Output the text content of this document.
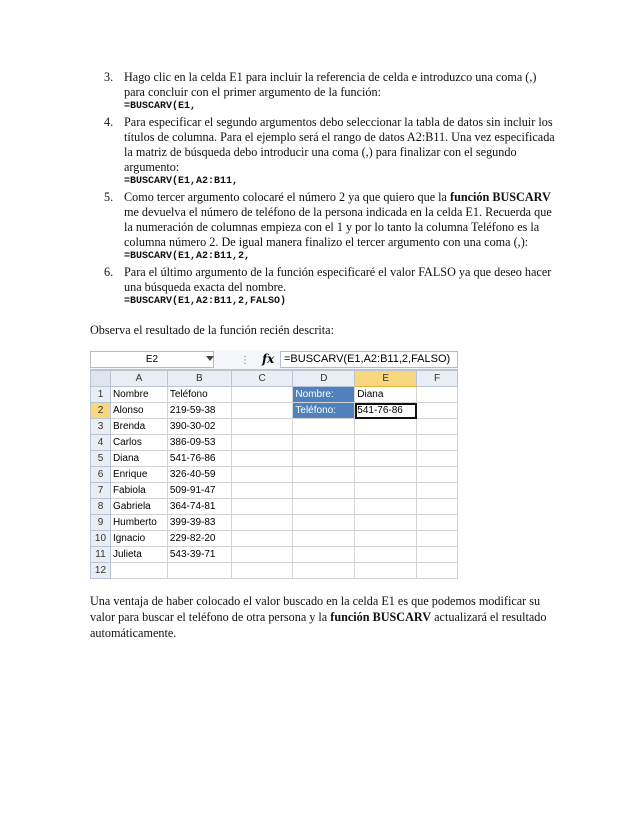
3. Hago clic en la celda E1 para incluir la referencia de celda e introduzco una coma (,) para concluir con el primer argumento de la función:
=BUSCARV(E1,
4. Para especificar el segundo argumentos debo seleccionar la tabla de datos sin incluir los títulos de columna. Para el ejemplo será el rango de datos A2:B11. Una vez especificada la matriz de búsqueda debo introducir una coma (,) para finalizar con el segundo argumento:
=BUSCARV(E1,A2:B11,
5. Como tercer argumento colocaré el número 2 ya que quiero que la función BUSCARV me devuelva el número de teléfono de la persona indicada en la celda E1. Recuerda que la numeración de columnas empieza con el 1 y por lo tanto la columna Teléfono es la columna número 2. De igual manera finalizo el tercer argumento con una coma (,):
=BUSCARV(E1,A2:B11,2,
6. Para el último argumento de la función especificaré el valor FALSO ya que deseo hacer una búsqueda exacta del nombre.
=BUSCARV(E1,A2:B11,2,FALSO)

Observa el resultado de la función recién descrita:

E2	⋮ fx =BUSCARV(E1,A2:B11,2,FALSO)
	A	B	C	D	E	F
1	Nombre	Teléfono		Nombre:	Diana	
2	Alonso	219-59-38		Teléfono:	541-76-86	
3	Brenda	390-30-02				
4	Carlos	386-09-53				
5	Diana	541-76-86				
6	Enrique	326-40-59				
7	Fabiola	509-91-47				
8	Gabriela	364-74-81				
9	Humberto	399-39-83				
10	Ignacio	229-82-20				
11	Julieta	543-39-71				
12						

Una ventaja de haber colocado el valor buscado en la celda E1 es que podemos modificar su valor para buscar el teléfono de otra persona y la función BUSCARV actualizará el resultado automáticamente.
